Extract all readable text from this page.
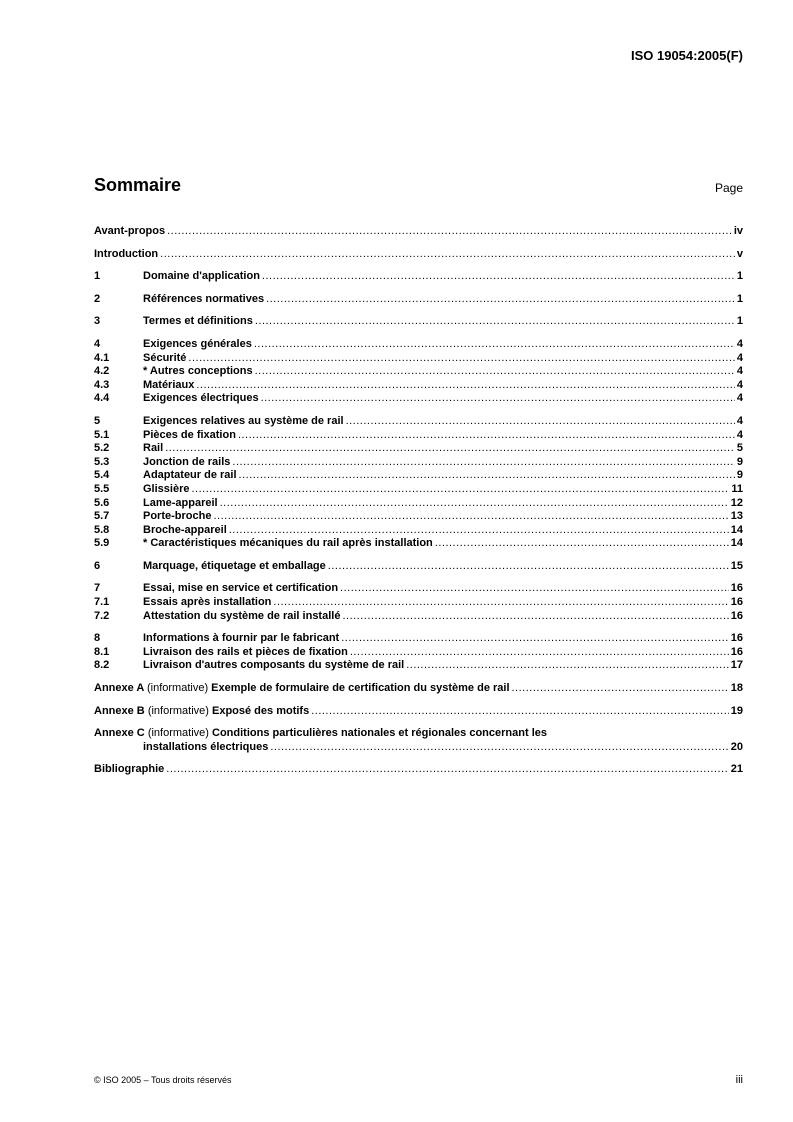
ISO 19054:2005(F)
Sommaire	Page
Avant-propos .....	iv
Introduction .....	v
1	Domaine d'application .....	1
2	Références normatives .....	1
3	Termes et définitions .....	1
4	Exigences générales .....	4
4.1	Sécurité .....	4
4.2	* Autres conceptions .....	4
4.3	Matériaux .....	4
4.4	Exigences électriques .....	4
5	Exigences relatives au système de rail .....	4
5.1	Pièces de fixation .....	4
5.2	Rail .....	5
5.3	Jonction de rails .....	9
5.4	Adaptateur de rail .....	9
5.5	Glissière .....	11
5.6	Lame-appareil .....	12
5.7	Porte-broche .....	13
5.8	Broche-appareil .....	14
5.9	* Caractéristiques mécaniques du rail après installation .....	14
6	Marquage, étiquetage et emballage .....	15
7	Essai, mise en service et certification .....	16
7.1	Essais après installation .....	16
7.2	Attestation du système de rail installé .....	16
8	Informations à fournir par le fabricant .....	16
8.1	Livraison des rails et pièces de fixation .....	16
8.2	Livraison d'autres composants du système de rail .....	17
Annexe A (informative) Exemple de formulaire de certification du système de rail .....	18
Annexe B (informative) Exposé des motifs .....	19
Annexe C (informative) Conditions particulières nationales et régionales concernant les
installations électriques .....	20
Bibliographie .....	21
© ISO 2005 – Tous droits réservés	iii
